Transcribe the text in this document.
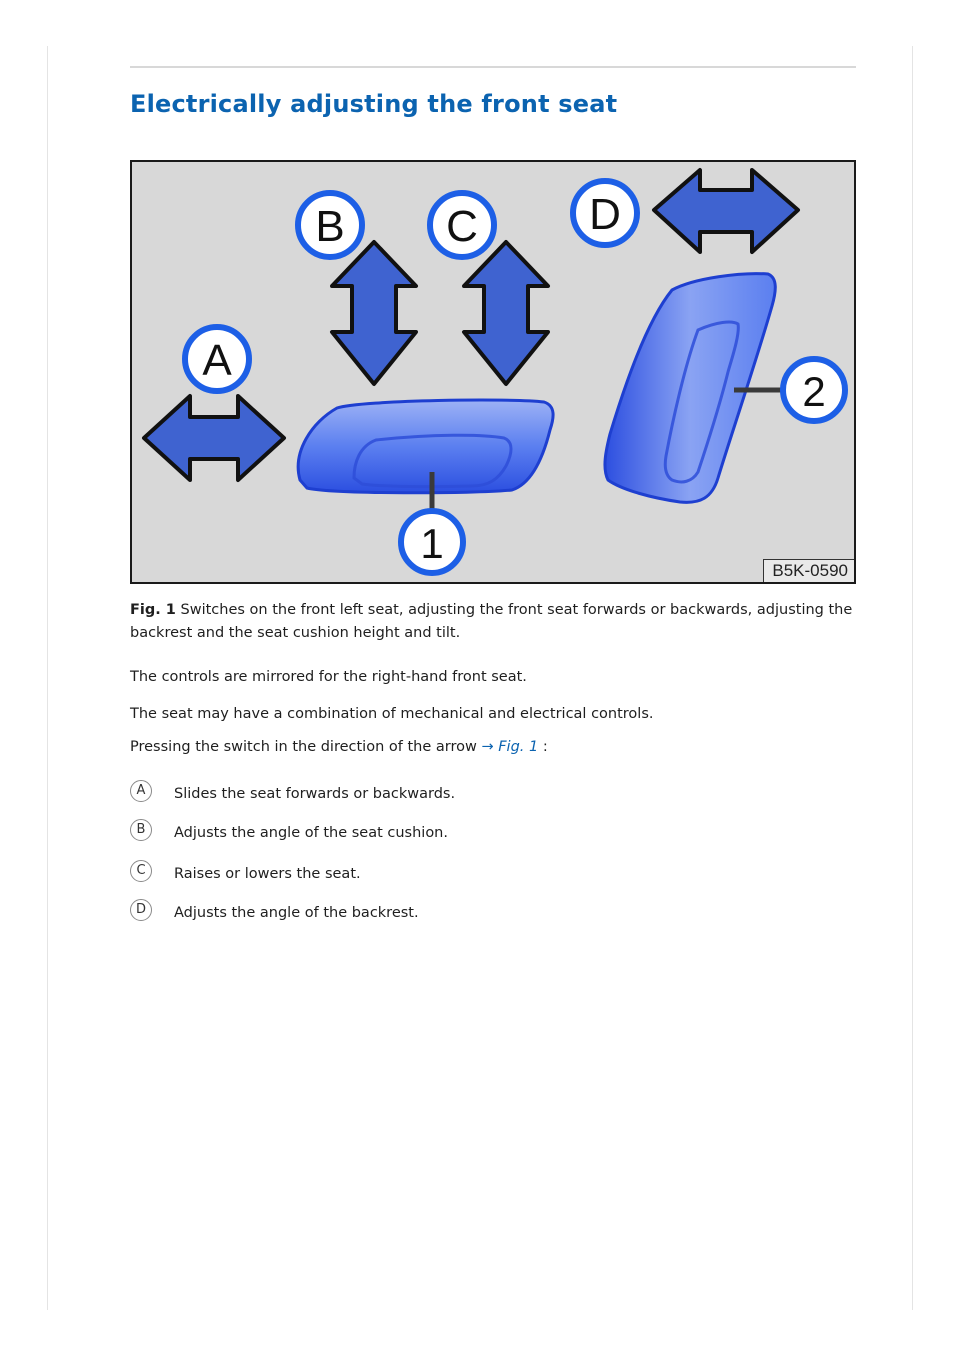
Electrically adjusting the front seat
A
B C	D
1
2
B5K-0590

Fig. 1 Switches on the front left seat, adjusting the front seat forwards or backwards, adjusting the backrest and the seat cushion height and tilt.

The controls are mirrored for the right-hand front seat.

The seat may have a combination of mechanical and electrical controls.

Pressing the switch in the direction of the arrow → Fig. 1 :

A	Slides the seat forwards or backwards.
B	Adjusts the angle of the seat cushion.
C	Raises or lowers the seat.
D	Adjusts the angle of the backrest.
